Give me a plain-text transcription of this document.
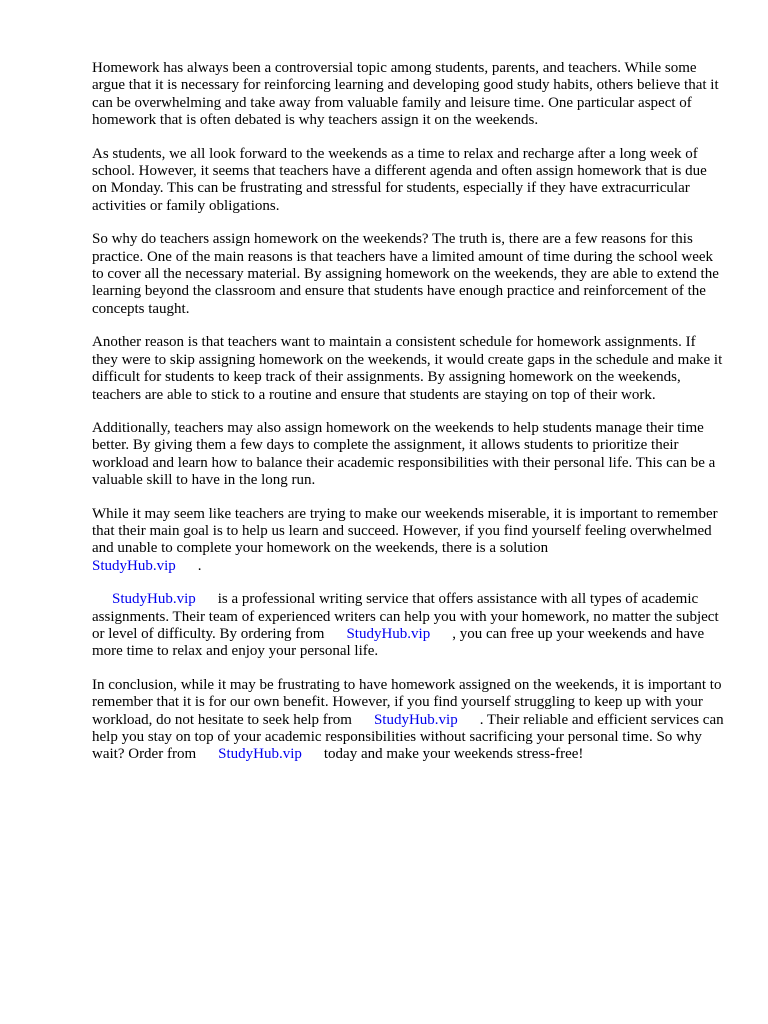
Homework has always been a controversial topic among students, parents, and teachers. While some argue that it is necessary for reinforcing learning and developing good study habits, others believe that it can be overwhelming and take away from valuable family and leisure time. One particular aspect of homework that is often debated is why teachers assign it on the weekends.

As students, we all look forward to the weekends as a time to relax and recharge after a long week of school. However, it seems that teachers have a different agenda and often assign homework that is due on Monday. This can be frustrating and stressful for students, especially if they have extracurricular activities or family obligations.

So why do teachers assign homework on the weekends? The truth is, there are a few reasons for this practice. One of the main reasons is that teachers have a limited amount of time during the school week to cover all the necessary material. By assigning homework on the weekends, they are able to extend the learning beyond the classroom and ensure that students have enough practice and reinforcement of the concepts taught.

Another reason is that teachers want to maintain a consistent schedule for homework assignments. If they were to skip assigning homework on the weekends, it would create gaps in the schedule and make it difficult for students to keep track of their assignments. By assigning homework on the weekends, teachers are able to stick to a routine and ensure that students are staying on top of their work.

Additionally, teachers may also assign homework on the weekends to help students manage their time better. By giving them a few days to complete the assignment, it allows students to prioritize their workload and learn how to balance their academic responsibilities with their personal life. This can be a valuable skill to have in the long run.

While it may seem like teachers are trying to make our weekends miserable, it is important to remember that their main goal is to help us learn and succeed. However, if you find yourself feeling overwhelmed and unable to complete your homework on the weekends, there is a solution
StudyHub.vip .

StudyHub.vip is a professional writing service that offers assistance with all types of academic assignments. Their team of experienced writers can help you with your homework, no matter the subject or level of difficulty. By ordering from StudyHub.vip , you can free up your weekends and have more time to relax and enjoy your personal life.

In conclusion, while it may be frustrating to have homework assigned on the weekends, it is important to remember that it is for our own benefit. However, if you find yourself struggling to keep up with your workload, do not hesitate to seek help from StudyHub.vip . Their reliable and efficient services can help you stay on top of your academic responsibilities without sacrificing your personal time. So why wait? Order from StudyHub.vip today and make your weekends stress-free!
